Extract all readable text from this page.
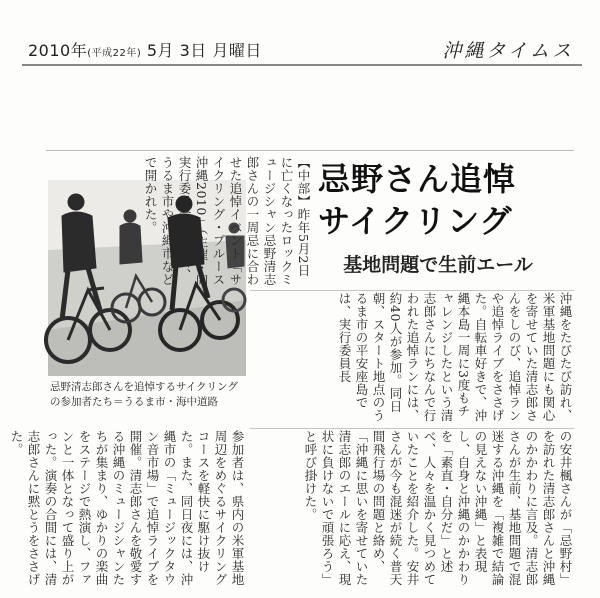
2010年(平成22年) 5月 3日 月曜日	沖縄タイムス
忌野さん追悼
サイクリング
基地問題で生前エール
忌野清志郎さんを追悼するサイクリングの参加者たち＝うるま市・海中道路
【中部】昨年5月2日に亡くなったロックミュージシャン忌野清志郎さんの一周忌に合わせた追悼イベント「サイクリング・ブルース沖縄2010」（主催・同実行委員会）が2日、うるま市や沖縄市などで開かれた。
沖縄をたびたび訪れ、米軍基地問題にも関心を寄せていた清志郎さんをしのび、追悼ランや追悼ライブをささげた。自転車好きで、沖縄本島一周に3度もチャレンジしたという清志郎さんにちなんで行われた追悼ランには、約40人が参加。同日朝、スタート地点のうるま市の平安座島では、実行委員長
の安井楓さんが「忌野村」を訪れた清志郎さんと沖縄のかかわりに言及。清志郎さんが生前、基地問題で混迷する沖縄を「複雑で結論の見えない沖縄」と表現し、自身と沖縄のかかわりを「素直・自分だ」と述べ、人々を温かく見つめていたことを紹介した。安井さんが今も混迷が続く普天間飛行場の問題と絡め、「沖縄に思いを寄せていた清志郎のエールに応え、現状に負けないで頑張ろう」と呼び掛けた。
参加者は、県内の米軍基地周辺をめぐるサイクリングコースを軽快に駆け抜けた。また、同日夜には、沖縄市の「ミュージックタウン音市場」で追悼ライブを開催。清志郎さんを敬愛する沖縄のミュージシャンたちが集まり、ゆかりの楽曲をステージで熱演し、ファンと一体となって盛り上がった。演奏の合間には、清志郎さんに黙とうをささげた。
